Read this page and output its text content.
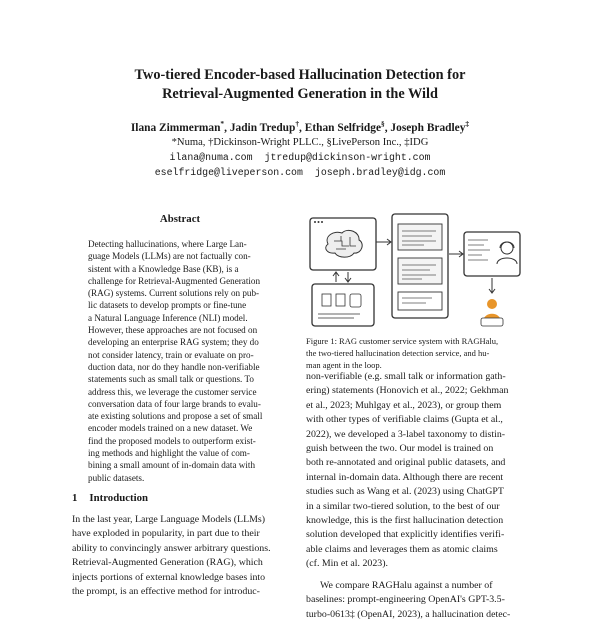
Two-tiered Encoder-based Hallucination Detection for
Retrieval-Augmented Generation in the Wild
Ilana Zimmerman*, Jadin Tredup†, Ethan Selfridge§, Joseph Bradley‡
*Numa, †Dickinson-Wright PLLC., §LivePerson Inc., ‡IDG
ilana@numa.com jtredup@dickinson-wright.com
eselfridge@liveperson.com joseph.bradley@idg.com
Abstract
Detecting hallucinations, where Large Lan-
guage Models (LLMs) are not factually con-
sistent with a Knowledge Base (KB), is a
challenge for Retrieval-Augmented Generation
(RAG) systems. Current solutions rely on pub-
lic datasets to develop prompts or fine-tune
a Natural Language Inference (NLI) model.
However, these approaches are not focused on
developing an enterprise RAG system; they do
not consider latency, train or evaluate on pro-
duction data, nor do they handle non-verifiable
statements such as small talk or questions. To
address this, we leverage the customer service
conversation data of four large brands to evalu-
ate existing solutions and propose a set of small
encoder models trained on a new dataset. We
find the proposed models to outperform exist-
ing methods and highlight the value of com-
bining a small amount of in-domain data with
public datasets.
1 Introduction
In the last year, Large Language Models (LLMs)
have exploded in popularity, in part due to their
ability to convincingly answer arbitrary questions.
Retrieval-Augmented Generation (RAG), which
injects portions of external knowledge bases into
the prompt, is an effective method for introduc-
Figure 1: RAG customer service system with RAGHalu,
the two-tiered hallucination detection service, and hu-
man agent in the loop.
non-verifiable (e.g. small talk or information gath-
ering) statements (Honovich et al., 2022; Gekhman
et al., 2023; Muhlgay et al., 2023), or group them
with other types of verifiable claims (Gupta et al.,
2022), we developed a 3-label taxonomy to distin-
guish between the two. Our model is trained on
both re-annotated and original public datasets, and
internal in-domain data. Although there are recent
studies such as Wang et al. (2023) using ChatGPT
in a similar two-tiered solution, to the best of our
knowledge, this is the first hallucination detection
solution developed that explicitly identifies verifi-
able claims and leverages them as atomic claims
(cf. Min et al. 2023).
We compare RAGHalu against a number of
baselines: prompt-engineering OpenAI's GPT-3.5-
turbo-0613‡ (OpenAI, 2023), a hallucination detec-
